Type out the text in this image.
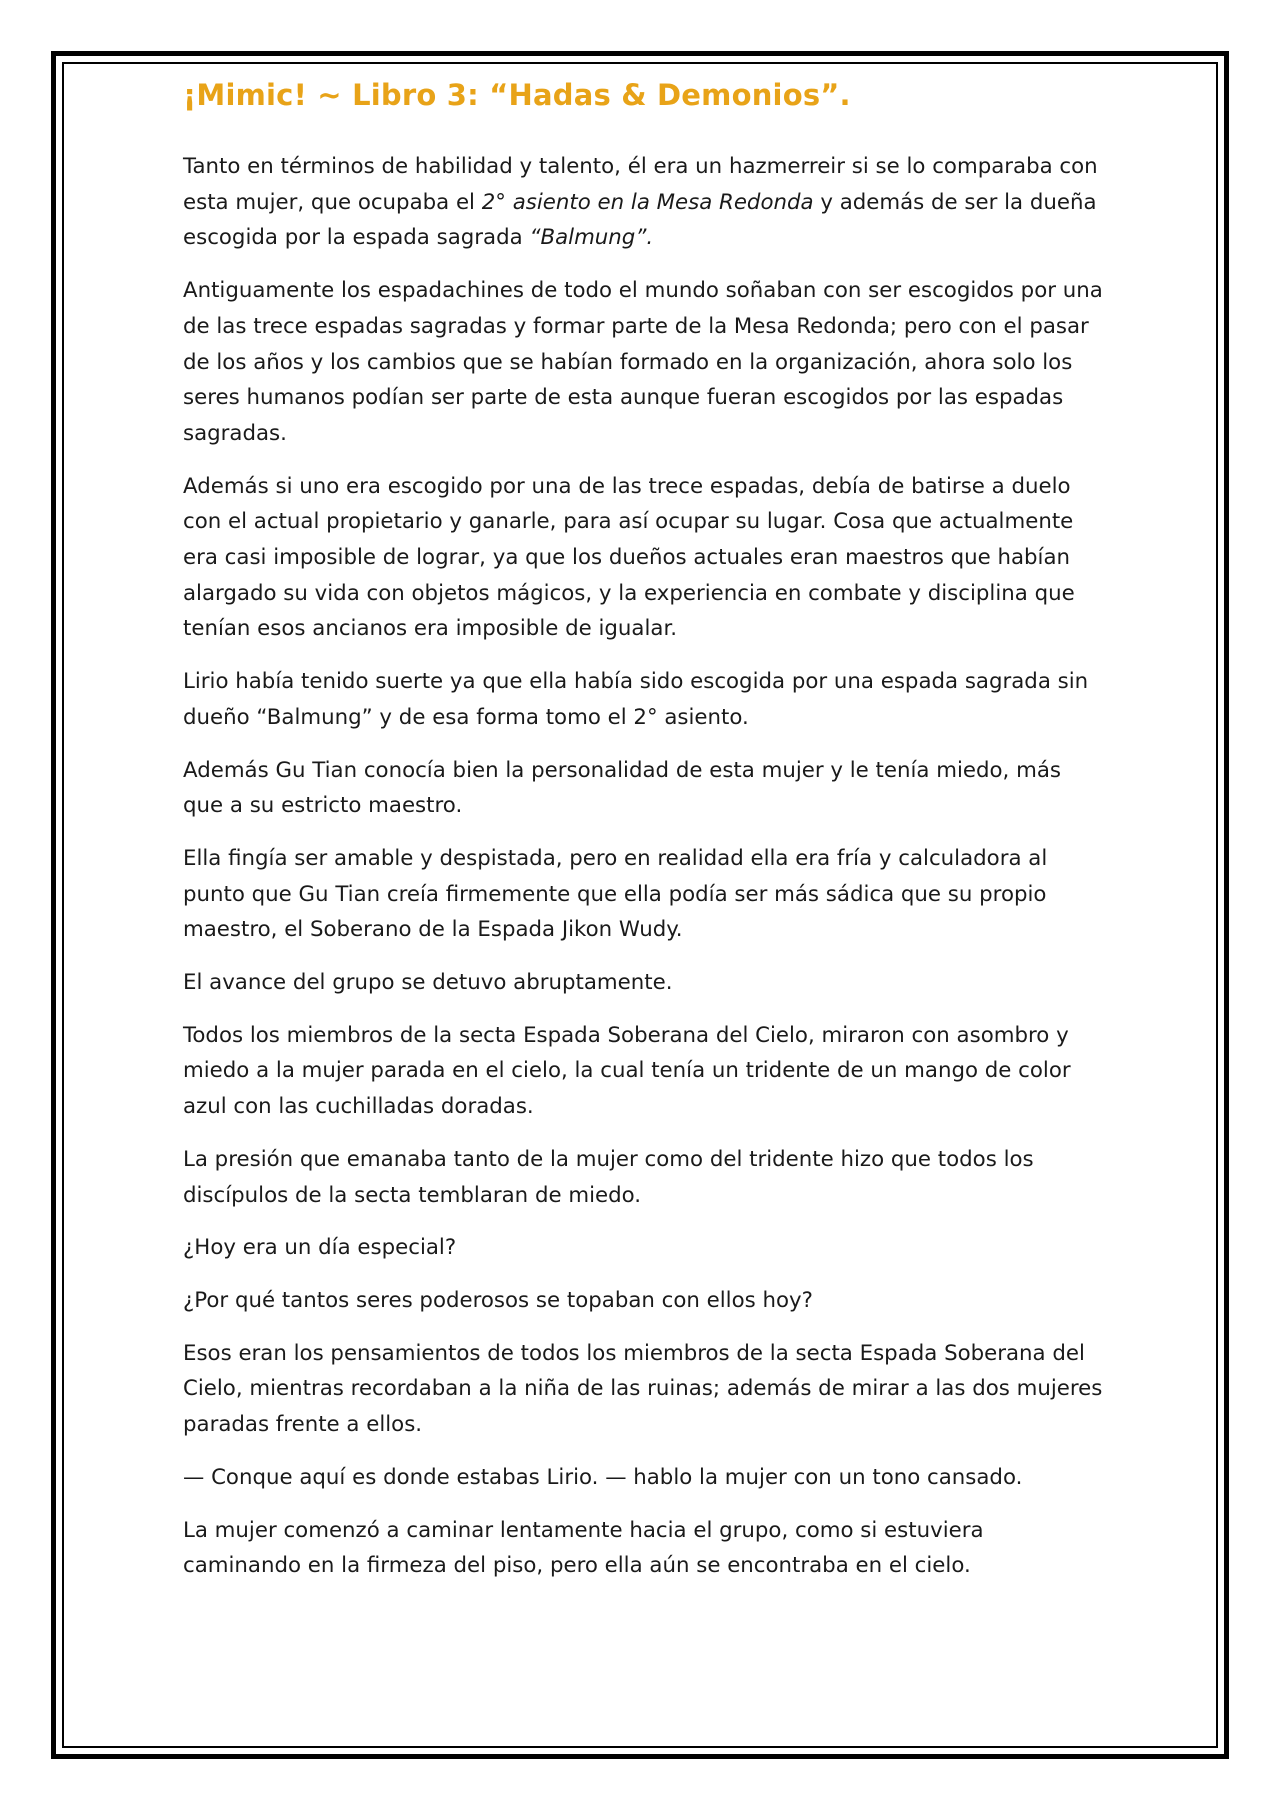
¡Mimic! ~ Libro 3: “Hadas & Demonios”.

Tanto en términos de habilidad y talento, él era un hazmerreir si se lo comparaba con esta mujer, que ocupaba el 2° asiento en la Mesa Redonda y además de ser la dueña escogida por la espada sagrada “Balmung”.

Antiguamente los espadachines de todo el mundo soñaban con ser escogidos por una de las trece espadas sagradas y formar parte de la Mesa Redonda; pero con el pasar de los años y los cambios que se habían formado en la organización, ahora solo los seres humanos podían ser parte de esta aunque fueran escogidos por las espadas sagradas.

Además si uno era escogido por una de las trece espadas, debía de batirse a duelo con el actual propietario y ganarle, para así ocupar su lugar. Cosa que actualmente era casi imposible de lograr, ya que los dueños actuales eran maestros que habían alargado su vida con objetos mágicos, y la experiencia en combate y disciplina que tenían esos ancianos era imposible de igualar.

Lirio había tenido suerte ya que ella había sido escogida por una espada sagrada sin dueño “Balmung” y de esa forma tomo el 2° asiento.

Además Gu Tian conocía bien la personalidad de esta mujer y le tenía miedo, más que a su estricto maestro.

Ella fingía ser amable y despistada, pero en realidad ella era fría y calculadora al punto que Gu Tian creía firmemente que ella podía ser más sádica que su propio maestro, el Soberano de la Espada Jikon Wudy.

El avance del grupo se detuvo abruptamente.

Todos los miembros de la secta Espada Soberana del Cielo, miraron con asombro y miedo a la mujer parada en el cielo, la cual tenía un tridente de un mango de color azul con las cuchilladas doradas.

La presión que emanaba tanto de la mujer como del tridente hizo que todos los discípulos de la secta temblaran de miedo.

¿Hoy era un día especial?

¿Por qué tantos seres poderosos se topaban con ellos hoy?

Esos eran los pensamientos de todos los miembros de la secta Espada Soberana del Cielo, mientras recordaban a la niña de las ruinas; además de mirar a las dos mujeres paradas frente a ellos.

— Conque aquí es donde estabas Lirio. — hablo la mujer con un tono cansado.

La mujer comenzó a caminar lentamente hacia el grupo, como si estuviera caminando en la firmeza del piso, pero ella aún se encontraba en el cielo.
